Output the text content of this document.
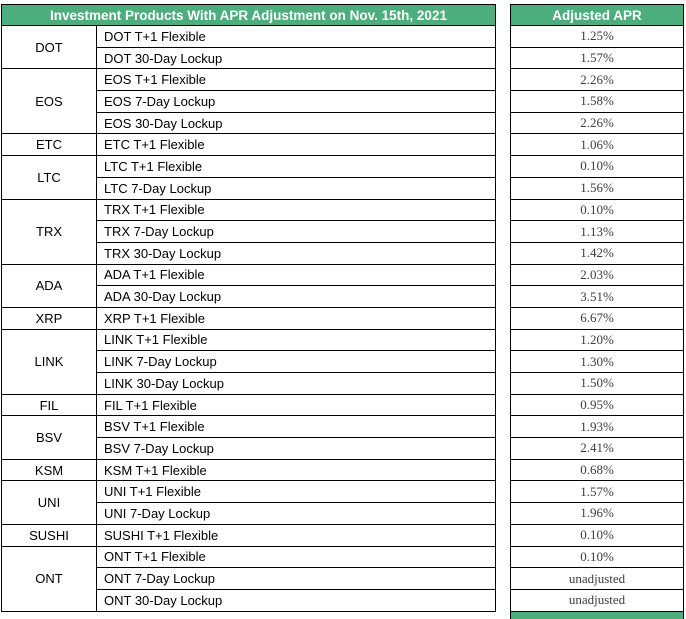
Investment Products With APR Adjustment on Nov. 15th, 2021	Adjusted APR
DOT
DOT T+1 Flexible	1.25%
DOT 30-Day Lockup	1.57%
EOS
EOS T+1 Flexible	2.26%
EOS 7-Day Lockup	1.58%
EOS 30-Day Lockup	2.26%
ETC	ETC T+1 Flexible	1.06%
LTC
LTC T+1 Flexible	0.10%
LTC 7-Day Lockup	1.56%
TRX
TRX T+1 Flexible	0.10%
TRX 7-Day Lockup	1.13%
TRX 30-Day Lockup	1.42%
ADA
ADA T+1 Flexible	2.03%
ADA 30-Day Lockup	3.51%
XRP	XRP T+1 Flexible	6.67%
LINK
LINK T+1 Flexible	1.20%
LINK 7-Day Lockup	1.30%
LINK 30-Day Lockup	1.50%
FIL	FIL T+1 Flexible	0.95%
BSV
BSV T+1 Flexible	1.93%
BSV 7-Day Lockup	2.41%
KSM	KSM T+1 Flexible	0.68%
UNI
UNI T+1 Flexible	1.57%
UNI 7-Day Lockup	1.96%
SUSHI	SUSHI T+1 Flexible	0.10%
ONT
ONT T+1 Flexible	0.10%
ONT 7-Day Lockup	unadjusted
ONT 30-Day Lockup	unadjusted
